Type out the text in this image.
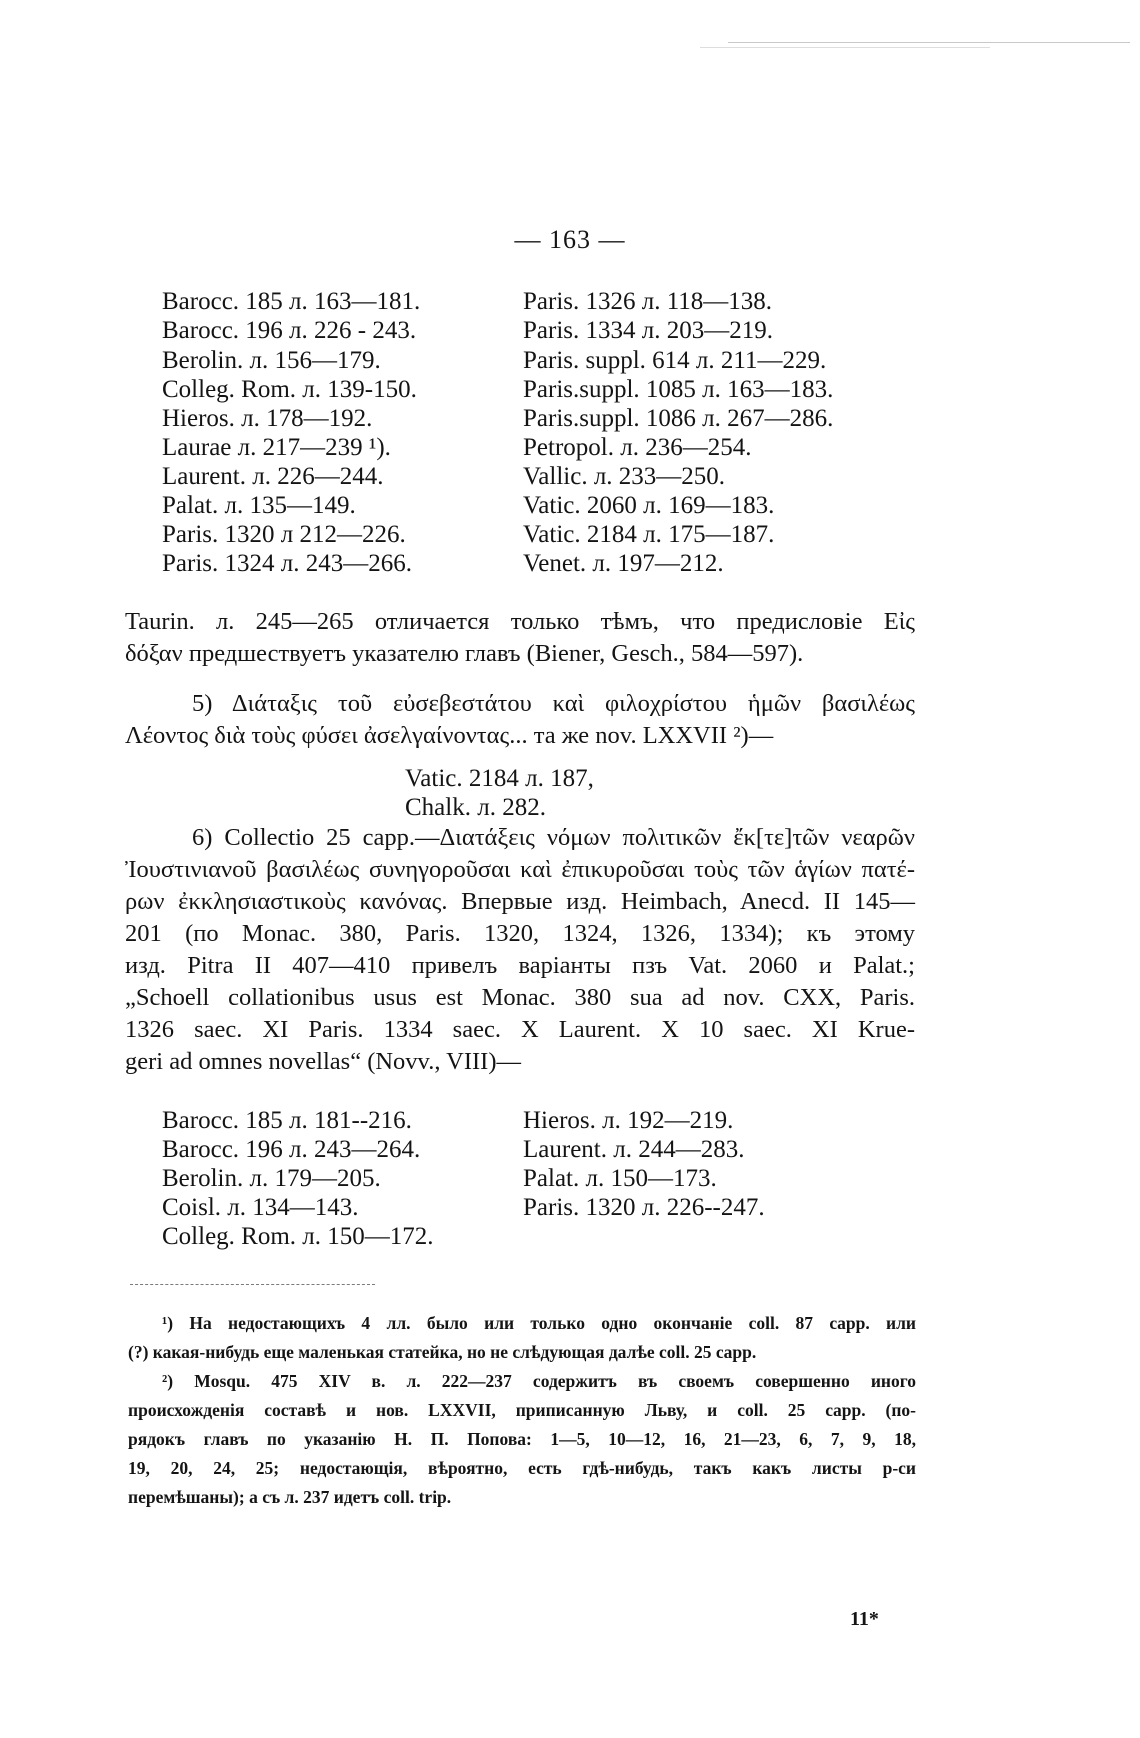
— 163 —
Barocc. 185 л. 163—181.
Barocc. 196 л. 226 - 243.
Berolin. л. 156—179.
Colleg. Rom. л. 139-150.
Hieros. л. 178—192.
Laurae л. 217—239 ¹).
Laurent. л. 226—244.
Palat. л. 135—149.
Paris. 1320 л 212—226.
Paris. 1324 л. 243—266.
Paris. 1326 л. 118—138.
Paris. 1334 л. 203—219.
Paris. suppl. 614 л. 211—229.
Paris.suppl. 1085 л. 163—183.
Paris.suppl. 1086 л. 267—286.
Petropol. л. 236—254.
Vallic. л. 233—250.
Vatic. 2060 л. 169—183.
Vatic. 2184 л. 175—187.
Venet. л. 197—212.
Taurin. л. 245—265 отличается только тѣмъ, что предисловіе Εἰς
δόξαν предшествуетъ указателю главъ (Biener, Gesch., 584—597).
5) Διάταξις τοῦ εὐσεβεστάτου καὶ φιλοχρίστου ἡμῶν βασιλέως
Λέοντος διὰ τοὺς φύσει ἀσελγαίνοντας... та же nov. LXXVII ²)—
Vatic. 2184 л. 187,
Chalk. л. 282.
6) Collectio 25 capp.—Διατάξεις νόμων πολιτικῶν ἔκ[τε]τῶν νεαρῶν
Ἰουστινιανοῦ βασιλέως συνηγοροῦσαι καὶ ἐπικυροῦσαι τοὺς τῶν ἁγίων πατέ-
ρων ἐκκλησιαστικοὺς κανόνας. Впервые изд. Heimbach, Anecd. II 145—
201 (по Monac. 380, Paris. 1320, 1324, 1326, 1334); къ этому
изд. Pitra II 407—410 привелъ варіанты пзъ Vat. 2060 и Palat.;
„Schoell collationibus usus est Monac. 380 sua ad nov. CXX, Paris.
1326 saec. XI Paris. 1334 saec. X Laurent. X 10 saec. XI Krue-
geri ad omnes novellas“ (Novv., VIII)—
Barocc. 185 л. 181--216.
Barocc. 196 л. 243—264.
Berolin. л. 179—205.
Coisl. л. 134—143.
Colleg. Rom. л. 150—172.
Hieros. л. 192—219.
Laurent. л. 244—283.
Palat. л. 150—173.
Paris. 1320 л. 226--247.
¹) На недостающихъ 4 лл. было или только одно окончаніе coll. 87 capp. или
(?) какая-нибудь еще маленькая статейка, но не слѣдующая далѣе coll. 25 capp.
²) Mosqu. 475 XIV в. л. 222—237 содержитъ въ своемъ совершенно иного
происхожденія составѣ и нов. LXXVII, приписанную Льву, и coll. 25 capp. (по-
рядокъ главъ по указанію Н. П. Попова: 1—5, 10—12, 16, 21—23, 6, 7, 9, 18,
19, 20, 24, 25; недостающія, вѣроятно, есть гдѣ-нибудь, такъ какъ листы р-си
перемѣшаны); а съ л. 237 идетъ coll. trip.
11*
